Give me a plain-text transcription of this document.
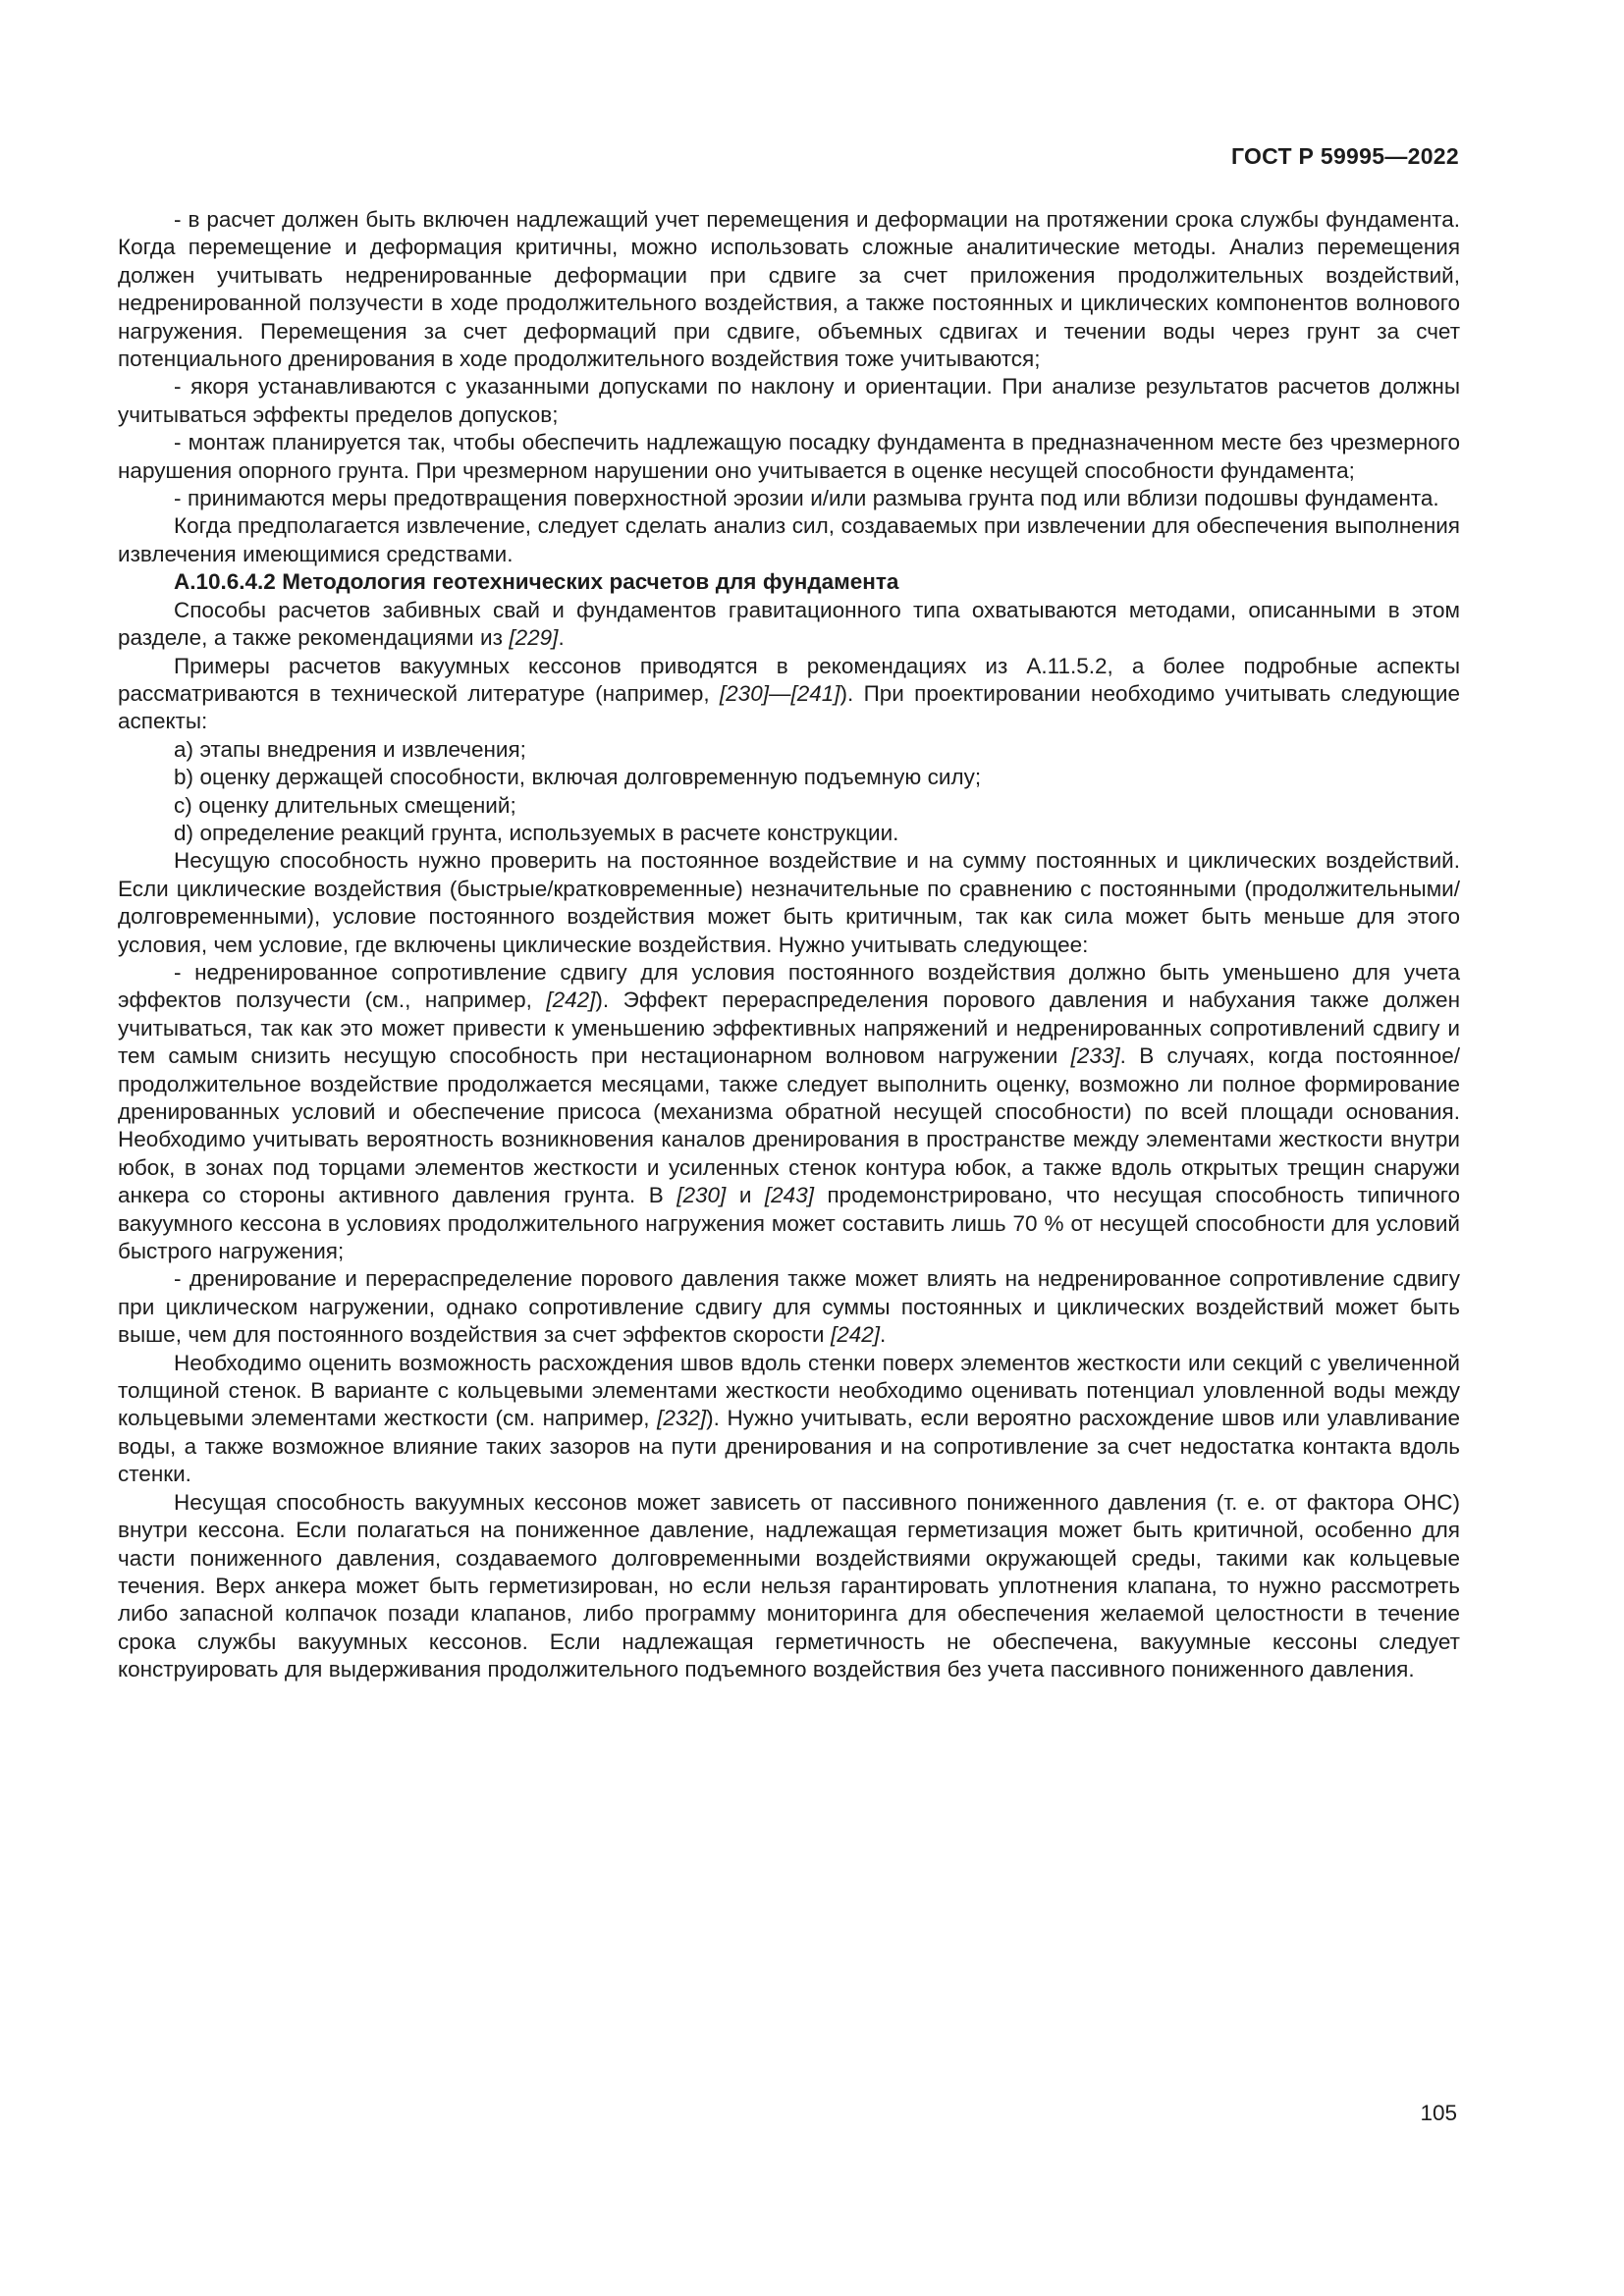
ГОСТ Р 59995—2022

- в расчет должен быть включен надлежащий учет перемещения и деформации на протяжении срока службы фундамента. Когда перемещение и деформация критичны, можно использовать сложные аналитические методы. Анализ перемещения должен учитывать недренированные деформации при сдвиге за счет приложения продолжительных воздействий, недренированной ползучести в ходе продолжительного воздействия, а также постоянных и циклических компонентов волнового нагружения. Перемещения за счет деформаций при сдвиге, объемных сдвигах и течении воды через грунт за счет потенциального дренирования в ходе продолжительного воздействия тоже учитываются;

- якоря устанавливаются с указанными допусками по наклону и ориентации. При анализе результатов расчетов должны учитываться эффекты пределов допусков;

- монтаж планируется так, чтобы обеспечить надлежащую посадку фундамента в предназначенном месте без чрезмерного нарушения опорного грунта. При чрезмерном нарушении оно учитывается в оценке несущей способности фундамента;

- принимаются меры предотвращения поверхностной эрозии и/или размыва грунта под или вблизи подошвы фундамента.

Когда предполагается извлечение, следует сделать анализ сил, создаваемых при извлечении для обеспечения выполнения извлечения имеющимися средствами.

А.10.6.4.2 Методология геотехнических расчетов для фундамента

Способы расчетов забивных свай и фундаментов гравитационного типа охватываются методами, описанными в этом разделе, а также рекомендациями из [229].

Примеры расчетов вакуумных кессонов приводятся в рекомендациях из А.11.5.2, а более подробные аспекты рассматриваются в технической литературе (например, [230]—[241]). При проектировании необходимо учитывать следующие аспекты:

a) этапы внедрения и извлечения;

b) оценку держащей способности, включая долговременную подъемную силу;

c) оценку длительных смещений;

d) определение реакций грунта, используемых в расчете конструкции.

Несущую способность нужно проверить на постоянное воздействие и на сумму постоянных и циклических воздействий. Если циклические воздействия (быстрые/кратковременные) незначительные по сравнению с постоянными (продолжительными/долговременными), условие постоянного воздействия может быть критичным, так как сила может быть меньше для этого условия, чем условие, где включены циклические воздействия. Нужно учитывать следующее:

- недренированное сопротивление сдвигу для условия постоянного воздействия должно быть уменьшено для учета эффектов ползучести (см., например, [242]). Эффект перераспределения порового давления и набухания также должен учитываться, так как это может привести к уменьшению эффективных напряжений и недренированных сопротивлений сдвигу и тем самым снизить несущую способность при нестационарном волновом нагружении [233]. В случаях, когда постоянное/продолжительное воздействие продолжается месяцами, также следует выполнить оценку, возможно ли полное формирование дренированных условий и обеспечение присоса (механизма обратной несущей способности) по всей площади основания. Необходимо учитывать вероятность возникновения каналов дренирования в пространстве между элементами жесткости внутри юбок, в зонах под торцами элементов жесткости и усиленных стенок контура юбок, а также вдоль открытых трещин снаружи анкера со стороны активного давления грунта. В [230] и [243] продемонстрировано, что несущая способность типичного вакуумного кессона в условиях продолжительного нагружения может составить лишь 70 % от несущей способности для условий быстрого нагружения;

- дренирование и перераспределение порового давления также может влиять на недренированное сопротивление сдвигу при циклическом нагружении, однако сопротивление сдвигу для суммы постоянных и циклических воздействий может быть выше, чем для постоянного воздействия за счет эффектов скорости [242].

Необходимо оценить возможность расхождения швов вдоль стенки поверх элементов жесткости или секций с увеличенной толщиной стенок. В варианте с кольцевыми элементами жесткости необходимо оценивать потенциал уловленной воды между кольцевыми элементами жесткости (см. например, [232]). Нужно учитывать, если вероятно расхождение швов или улавливание воды, а также возможное влияние таких зазоров на пути дренирования и на сопротивление за счет недостатка контакта вдоль стенки.

Несущая способность вакуумных кессонов может зависеть от пассивного пониженного давления (т. е. от фактора ОНС) внутри кессона. Если полагаться на пониженное давление, надлежащая герметизация может быть критичной, особенно для части пониженного давления, создаваемого долговременными воздействиями окружающей среды, такими как кольцевые течения. Верх анкера может быть герметизирован, но если нельзя гарантировать уплотнения клапана, то нужно рассмотреть либо запасной колпачок позади клапанов, либо программу мониторинга для обеспечения желаемой целостности в течение срока службы вакуумных кессонов. Если надлежащая герметичность не обеспечена, вакуумные кессоны следует конструировать для выдерживания продолжительного подъемного воздействия без учета пассивного пониженного давления.

105
